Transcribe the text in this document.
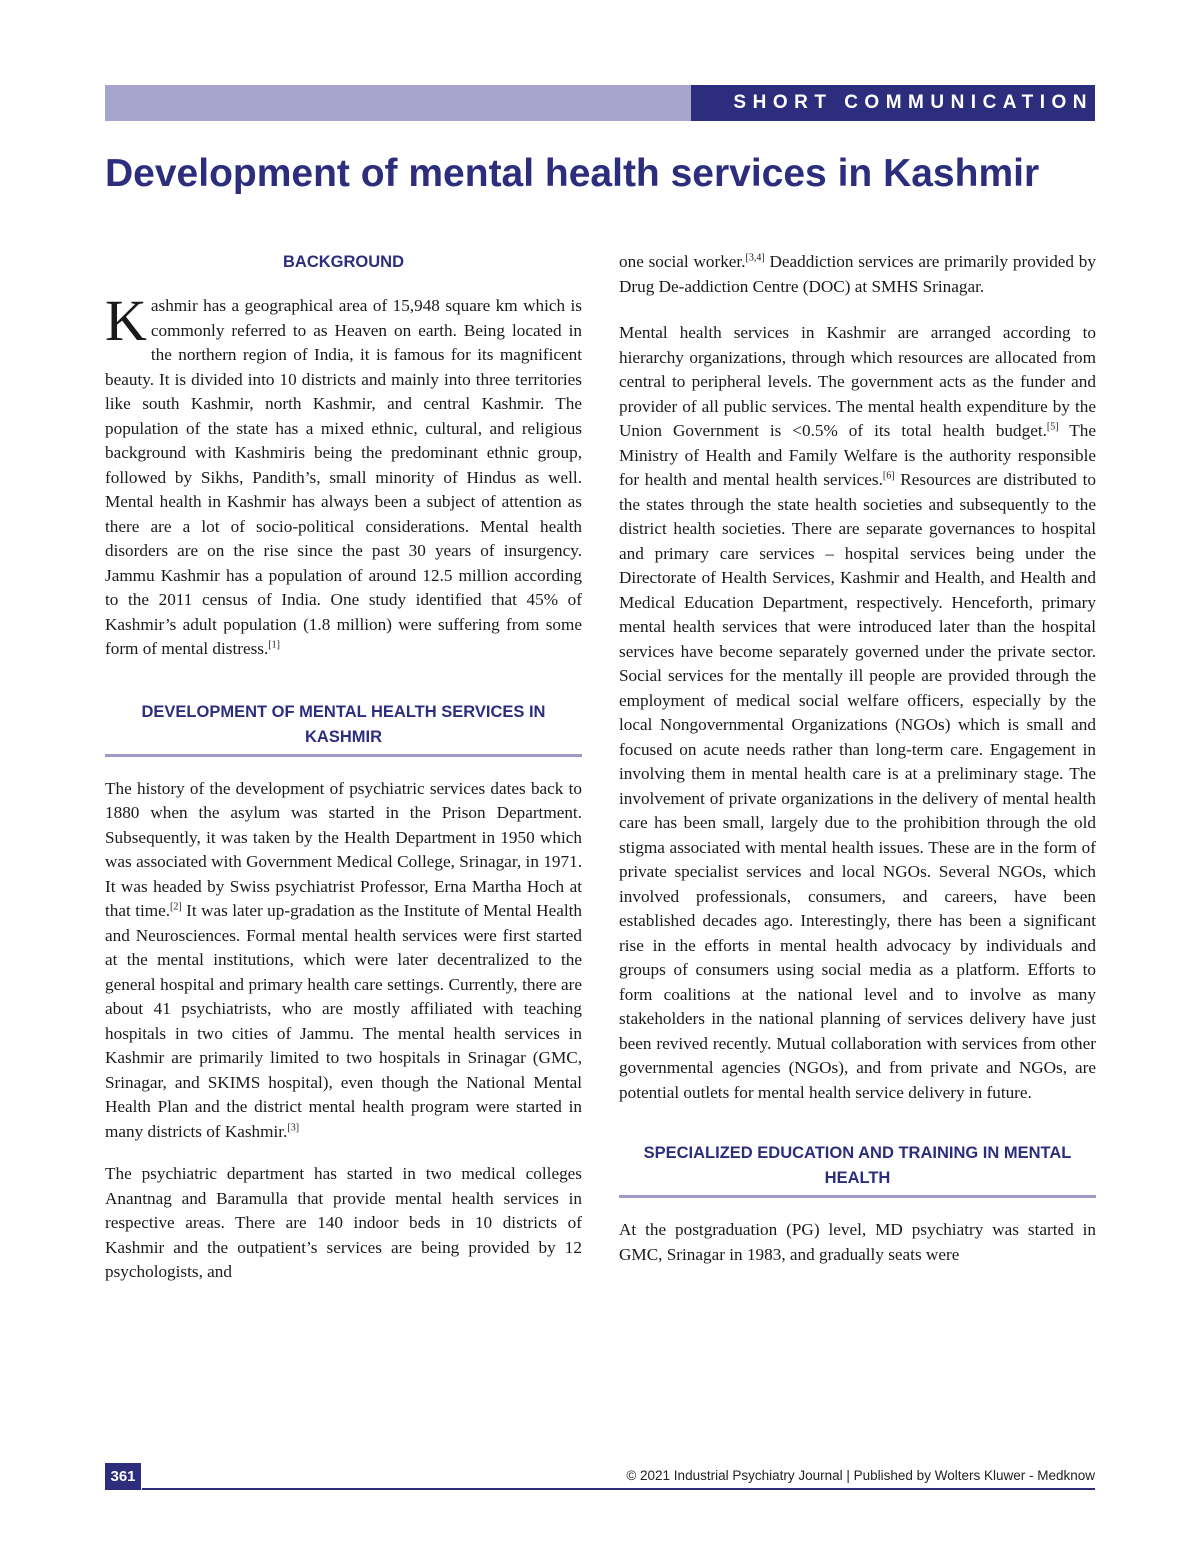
SHORT COMMUNICATION
Development of mental health services in Kashmir
BACKGROUND

Kashmir has a geographical area of 15,948 square km which is commonly referred to as Heaven on earth. Being located in the northern region of India, it is famous for its magnificent beauty. It is divided into 10 districts and mainly into three territories like south Kashmir, north Kashmir, and central Kashmir. The population of the state has a mixed ethnic, cultural, and religious background with Kashmiris being the predominant ethnic group, followed by Sikhs, Pandith’s, small minority of Hindus as well. Mental health in Kashmir has always been a subject of attention as there are a lot of socio-political considerations. Mental health disorders are on the rise since the past 30 years of insurgency. Jammu Kashmir has a population of around 12.5 million according to the 2011 census of India. One study identified that 45% of Kashmir’s adult population (1.8 million) were suffering from some form of mental distress.[1]

DEVELOPMENT OF MENTAL HEALTH SERVICES IN KASHMIR

The history of the development of psychiatric services dates back to 1880 when the asylum was started in the Prison Department. Subsequently, it was taken by the Health Department in 1950 which was associated with Government Medical College, Srinagar, in 1971. It was headed by Swiss psychiatrist Professor, Erna Martha Hoch at that time.[2] It was later up-gradation as the Institute of Mental Health and Neurosciences. Formal mental health services were first started at the mental institutions, which were later decentralized to the general hospital and primary health care settings. Currently, there are about 41 psychiatrists, who are mostly affiliated with teaching hospitals in two cities of Jammu. The mental health services in Kashmir are primarily limited to two hospitals in Srinagar (GMC, Srinagar, and SKIMS hospital), even though the National Mental Health Plan and the district mental health program were started in many districts of Kashmir.[3]

The psychiatric department has started in two medical colleges Anantnag and Baramulla that provide mental health services in respective areas. There are 140 indoor beds in 10 districts of Kashmir and the outpatient’s services are being provided by 12 psychologists, and

one social worker.[3,4] Deaddiction services are primarily provided by Drug De-addiction Centre (DOC) at SMHS Srinagar.

Mental health services in Kashmir are arranged according to hierarchy organizations, through which resources are allocated from central to peripheral levels. The government acts as the funder and provider of all public services. The mental health expenditure by the Union Government is <0.5% of its total health budget.[5] The Ministry of Health and Family Welfare is the authority responsible for health and mental health services.[6] Resources are distributed to the states through the state health societies and subsequently to the district health societies. There are separate governances to hospital and primary care services – hospital services being under the Directorate of Health Services, Kashmir and Health, and Health and Medical Education Department, respectively. Henceforth, primary mental health services that were introduced later than the hospital services have become separately governed under the private sector. Social services for the mentally ill people are provided through the employment of medical social welfare officers, especially by the local Nongovernmental Organizations (NGOs) which is small and focused on acute needs rather than long-term care. Engagement in involving them in mental health care is at a preliminary stage. The involvement of private organizations in the delivery of mental health care has been small, largely due to the prohibition through the old stigma associated with mental health issues. These are in the form of private specialist services and local NGOs. Several NGOs, which involved professionals, consumers, and careers, have been established decades ago. Interestingly, there has been a significant rise in the efforts in mental health advocacy by individuals and groups of consumers using social media as a platform. Efforts to form coalitions at the national level and to involve as many stakeholders in the national planning of services delivery have just been revived recently. Mutual collaboration with services from other governmental agencies (NGOs), and from private and NGOs, are potential outlets for mental health service delivery in future.

SPECIALIZED EDUCATION AND TRAINING IN MENTAL HEALTH

At the postgraduation (PG) level, MD psychiatry was started in GMC, Srinagar in 1983, and gradually seats were

361	© 2021 Industrial Psychiatry Journal | Published by Wolters Kluwer - Medknow
